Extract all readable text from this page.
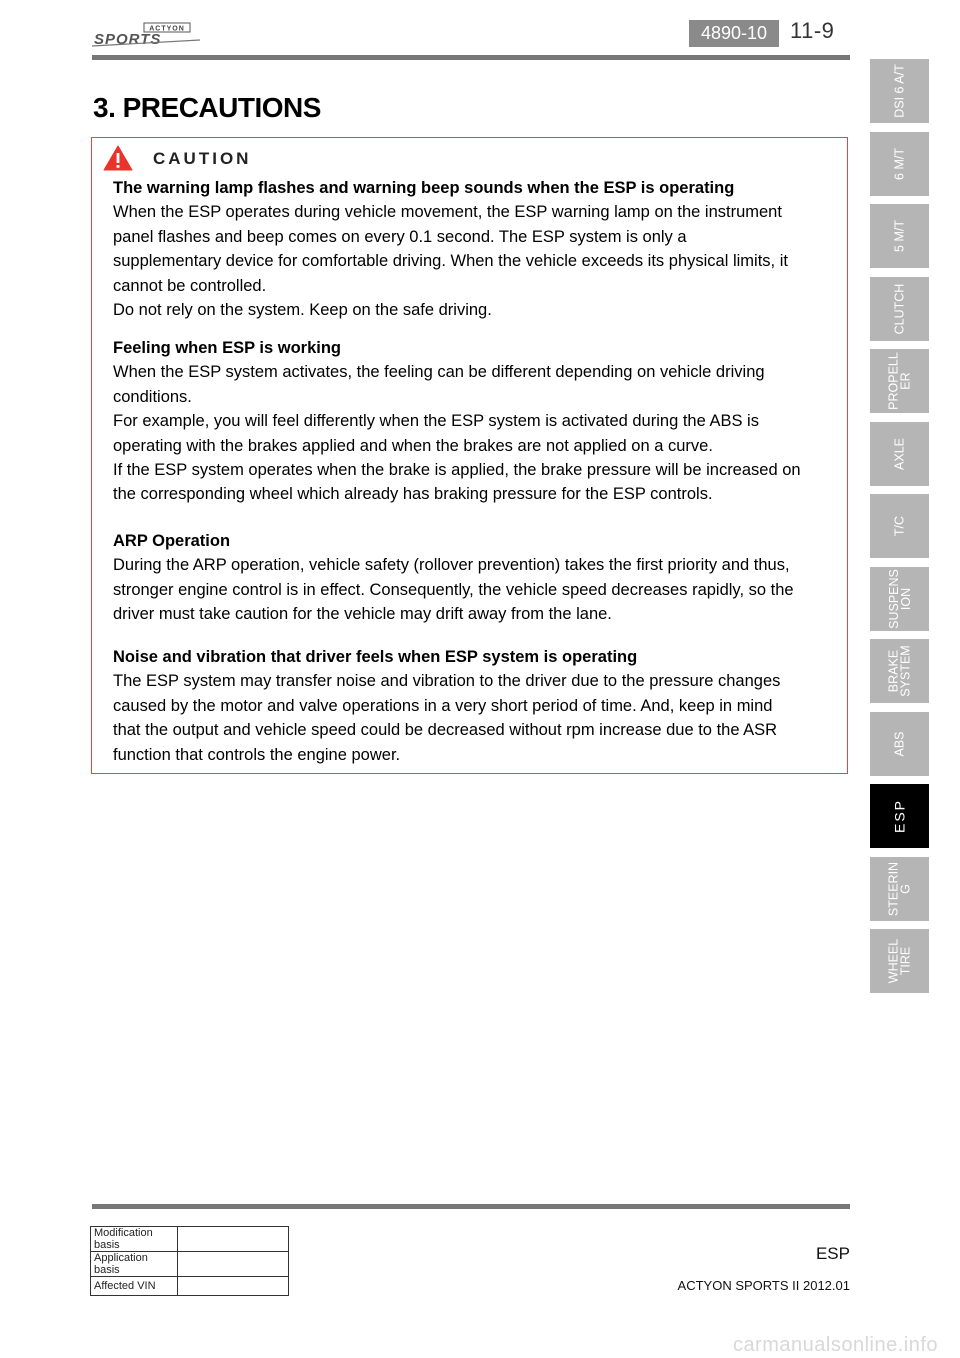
ACTYON
SPORTS	4890-10	11-9
3. PRECAUTIONS
CAUTION
The warning lamp flashes and warning beep sounds when the ESP is operating
When the ESP operates during vehicle movement, the ESP warning lamp on the instrument
panel flashes and beep comes on every 0.1 second. The ESP system is only a
supplementary device for comfortable driving. When the vehicle exceeds its physical limits, it
cannot be controlled.
Do not rely on the system. Keep on the safe driving.
Feeling when ESP is working
When the ESP system activates, the feeling can be different depending on vehicle driving
conditions.
For example, you will feel differently when the ESP system is activated during the ABS is
operating with the brakes applied and when the brakes are not applied on a curve.
If the ESP system operates when the brake is applied, the brake pressure will be increased on
the corresponding wheel which already has braking pressure for the ESP controls.
ARP Operation
During the ARP operation, vehicle safety (rollover prevention) takes the first priority and thus,
stronger engine control is in effect. Consequently, the vehicle speed decreases rapidly, so the
driver must take caution for the vehicle may drift away from the lane.
Noise and vibration that driver feels when ESP system is operating
The ESP system may transfer noise and vibration to the driver due to the pressure changes
caused by the motor and valve operations in a very short period of time. And, keep in mind
that the output and vehicle speed could be decreased without rpm increase due to the ASR
function that controls the engine power.
DSI 6 A/T
6 M/T
5 M/T
CLUTCH
PROPELL
ER
AXLE
T/C
SUSPENS
ION
BRAKE
SYSTEM
ABS
ESP
STEERIN
G
WHEEL
TIRE
Modification basis	
Application basis	
Affected VIN	
ESP
ACTYON SPORTS II 2012.01
carmanualsonline.info
